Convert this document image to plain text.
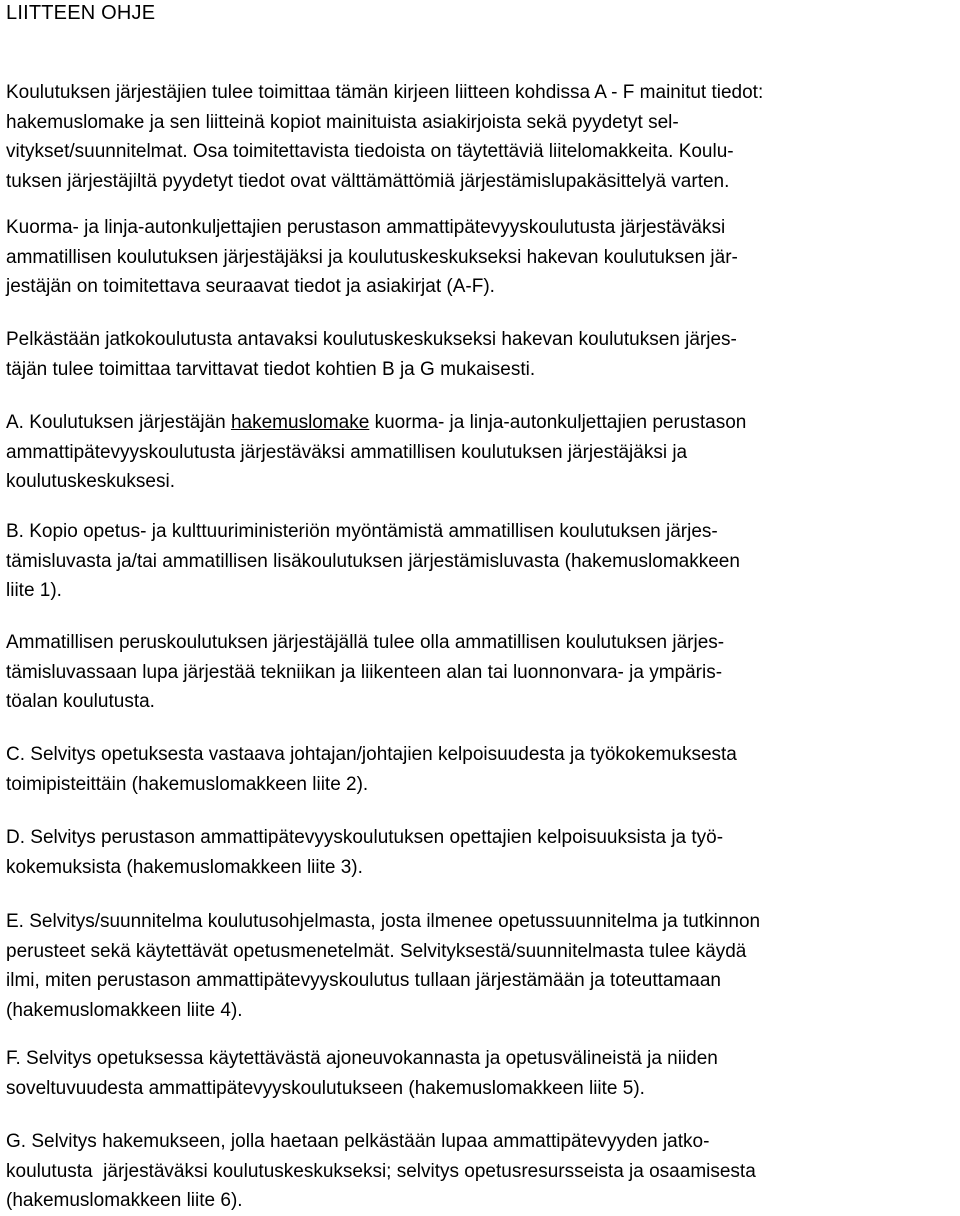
LIITTEEN OHJE

Koulutuksen järjestäjien tulee toimittaa tämän kirjeen liitteen kohdissa A - F mainitut tiedot:
hakemuslomake ja sen liitteinä kopiot mainituista asiakirjoista sekä pyydetyt sel-
vitykset/suunnitelmat. Osa toimitettavista tiedoista on täytettäviä liitelomakkeita. Koulu-
tuksen järjestäjiltä pyydetyt tiedot ovat välttämättömiä järjestämislupakäsittelyä varten.

Kuorma- ja linja-autonkuljettajien perustason ammattipätevyyskoulutusta järjestäväksi
ammatillisen koulutuksen järjestäjäksi ja koulutuskeskukseksi hakevan koulutuksen jär-
jestäjän on toimitettava seuraavat tiedot ja asiakirjat (A-F).

Pelkästään jatkokoulutusta antavaksi koulutuskeskukseksi hakevan koulutuksen järjes-
täjän tulee toimittaa tarvittavat tiedot kohtien B ja G mukaisesti.

A. Koulutuksen järjestäjän hakemuslomake kuorma- ja linja-autonkuljettajien perustason
ammattipätevyyskoulutusta järjestäväksi ammatillisen koulutuksen järjestäjäksi ja
koulutuskeskuksesi.

B. Kopio opetus- ja kulttuuriministeriön myöntämistä ammatillisen koulutuksen järjes-
tämisluvasta ja/tai ammatillisen lisäkoulutuksen järjestämisluvasta (hakemuslomakkeen
liite 1).

Ammatillisen peruskoulutuksen järjestäjällä tulee olla ammatillisen koulutuksen järjes-
tämisluvassaan lupa järjestää tekniikan ja liikenteen alan tai luonnonvara- ja ympäris-
töalan koulutusta.

C. Selvitys opetuksesta vastaava johtajan/johtajien kelpoisuudesta ja työkokemuksesta
toimipisteittäin (hakemuslomakkeen liite 2).

D. Selvitys perustason ammattipätevyyskoulutuksen opettajien kelpoisuuksista ja työ-
kokemuksista (hakemuslomakkeen liite 3).

E. Selvitys/suunnitelma koulutusohjelmasta, josta ilmenee opetussuunnitelma ja tutkinnon
perusteet sekä käytettävät opetusmenetelmät. Selvityksestä/suunnitelmasta tulee käydä
ilmi, miten perustason ammattipätevyyskoulutus tullaan järjestämään ja toteuttamaan
(hakemuslomakkeen liite 4).

F. Selvitys opetuksessa käytettävästä ajoneuvokannasta ja opetusvälineistä ja niiden
soveltuvuudesta ammattipätevyyskoulutukseen (hakemuslomakkeen liite 5).

G. Selvitys hakemukseen, jolla haetaan pelkästään lupaa ammattipätevyyden jatko-
koulutusta  järjestäväksi koulutuskeskukseksi; selvitys opetusresursseista ja osaamisesta
(hakemuslomakkeen liite 6).
